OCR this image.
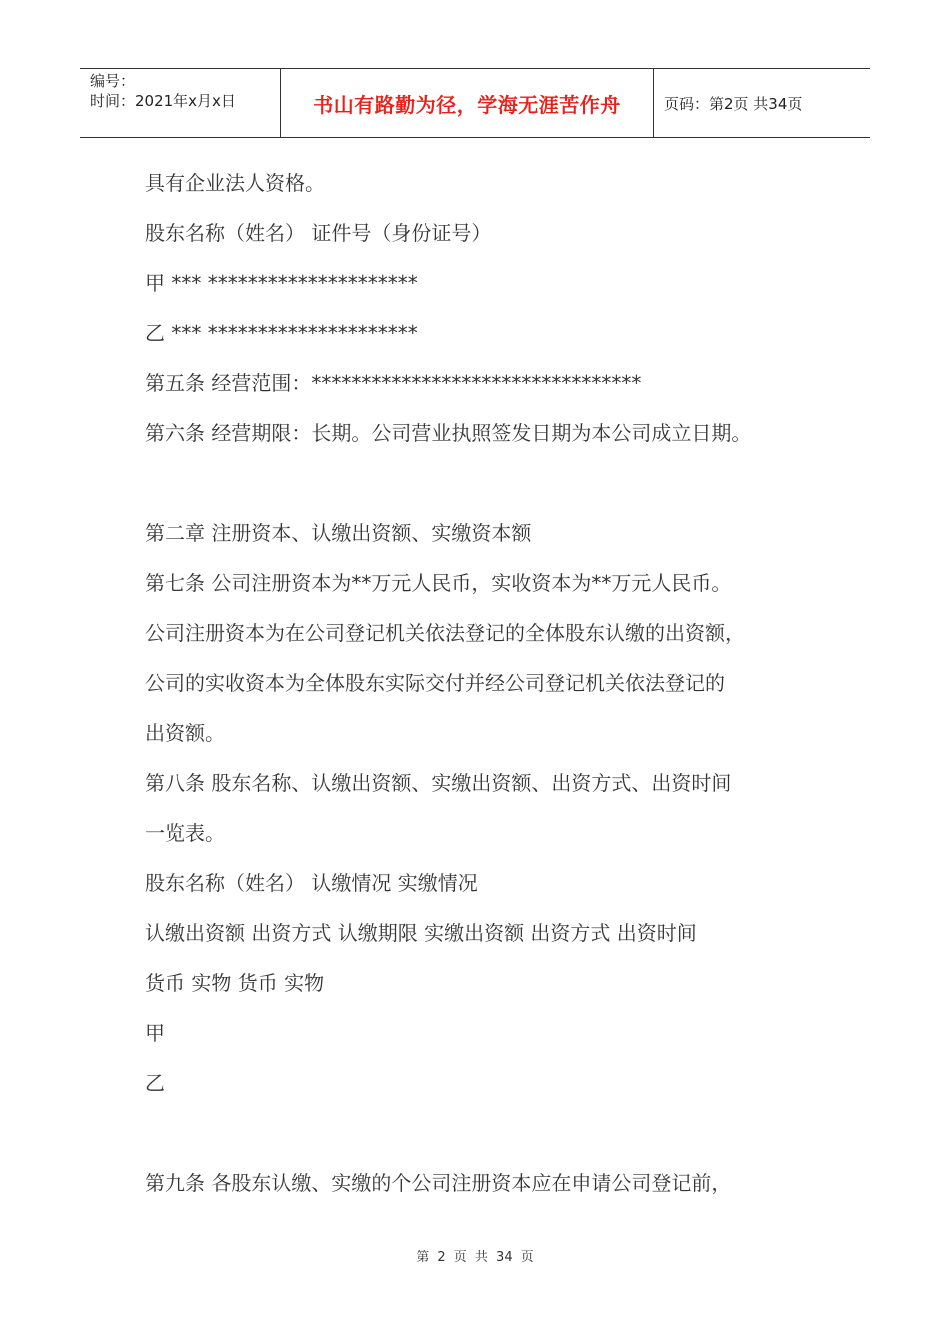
编号：
时间：2021年x月x日	书山有路勤为径，学海无涯苦作舟	页码：第2页 共34页

具有企业法人资格。

股东名称（姓名） 证件号（身份证号）

甲 *** *********************

乙 *** *********************

第五条 经营范围：*********************************

第六条 经营期限：长期。公司营业执照签发日期为本公司成立日期。

第二章 注册资本、认缴出资额、实缴资本额

第七条 公司注册资本为**万元人民币，实收资本为**万元人民币。

公司注册资本为在公司登记机关依法登记的全体股东认缴的出资额，

公司的实收资本为全体股东实际交付并经公司登记机关依法登记的

出资额。

第八条 股东名称、认缴出资额、实缴出资额、出资方式、出资时间

一览表。

股东名称（姓名） 认缴情况 实缴情况

认缴出资额 出资方式 认缴期限 实缴出资额 出资方式 出资时间

货币 实物 货币 实物

甲

乙

第九条 各股东认缴、实缴的个公司注册资本应在申请公司登记前，

第 2 页 共 34 页
